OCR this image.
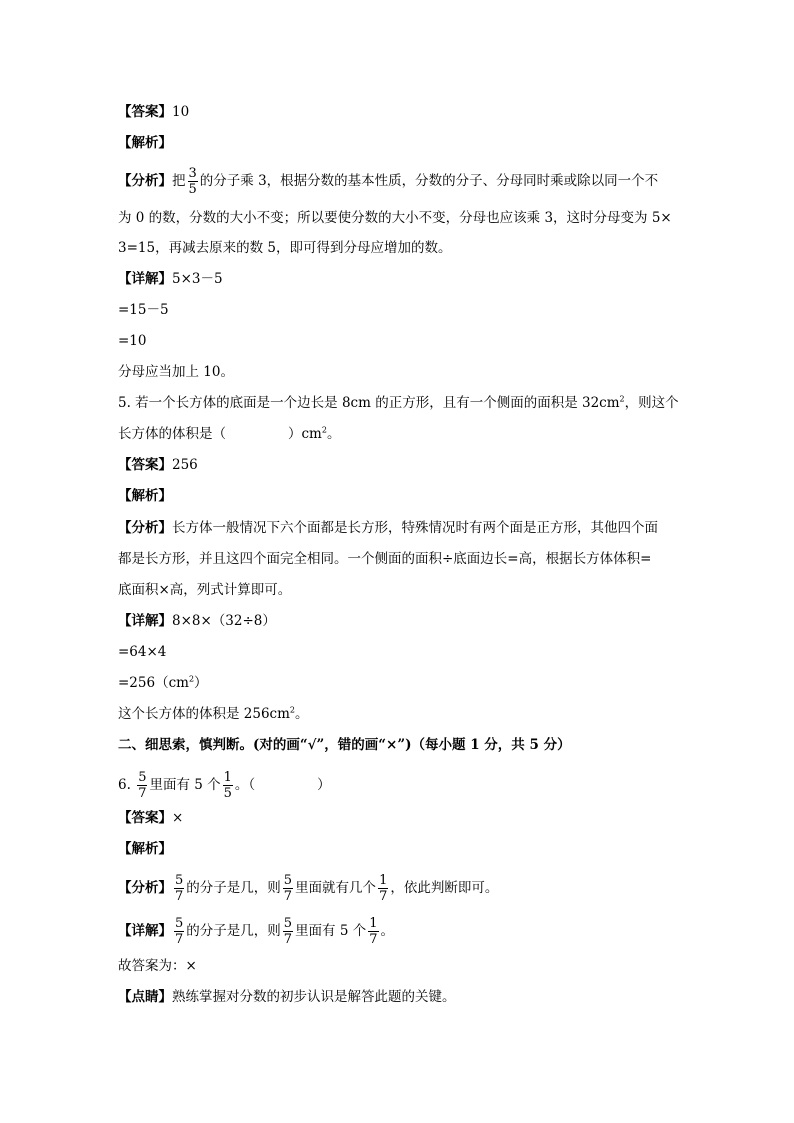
【答案】10
【解析】
【分析】把 $\frac{3}{5}$ 的分子乘 3，根据分数的基本性质，分数的分子、分母同时乘或除以同一个不
为 0 的数，分数的大小不变；所以要使分数的大小不变，分母也应该乘 3，这时分母变为 5×
3=15，再减去原来的数 5，即可得到分母应增加的数。
【详解】5×3－5
=15－5
=10
分母应当加上 10。
5. 若一个长方体的底面是一个边长是 8cm 的正方形，且有一个侧面的面积是 $32cm^2$，则这个
长方体的体积是（	）$cm^2$。
【答案】256
【解析】
【分析】长方体一般情况下六个面都是长方形，特殊情况时有两个面是正方形，其他四个面
都是长方形，并且这四个面完全相同。一个侧面的面积÷底面边长=高，根据长方体体积=
底面积×高，列式计算即可。
【详解】8×8×（32÷8）
=64×4
$=256(cm^2)$
这个长方体的体积是 $256cm^2$。
二、细思索，慎判断。(对的画“√”，错的画“×”)（每小题 1 分，共 5 分）
6. $\frac{5}{7}$ 里面有 5 个 $\frac{1}{5}$ 。（	）
【答案】×
【解析】
【分析】 $\frac{5}{7}$ 的分子是几，则 $\frac{5}{7}$ 里面就有几个 $\frac{1}{7}$ ，依此判断即可。
【详解】 $\frac{5}{7}$ 的分子是几，则 $\frac{5}{7}$ 里面有 5 个 $\frac{1}{7}$ 。
故答案为：×
【点睛】熟练掌握对分数的初步认识是解答此题的关键。
